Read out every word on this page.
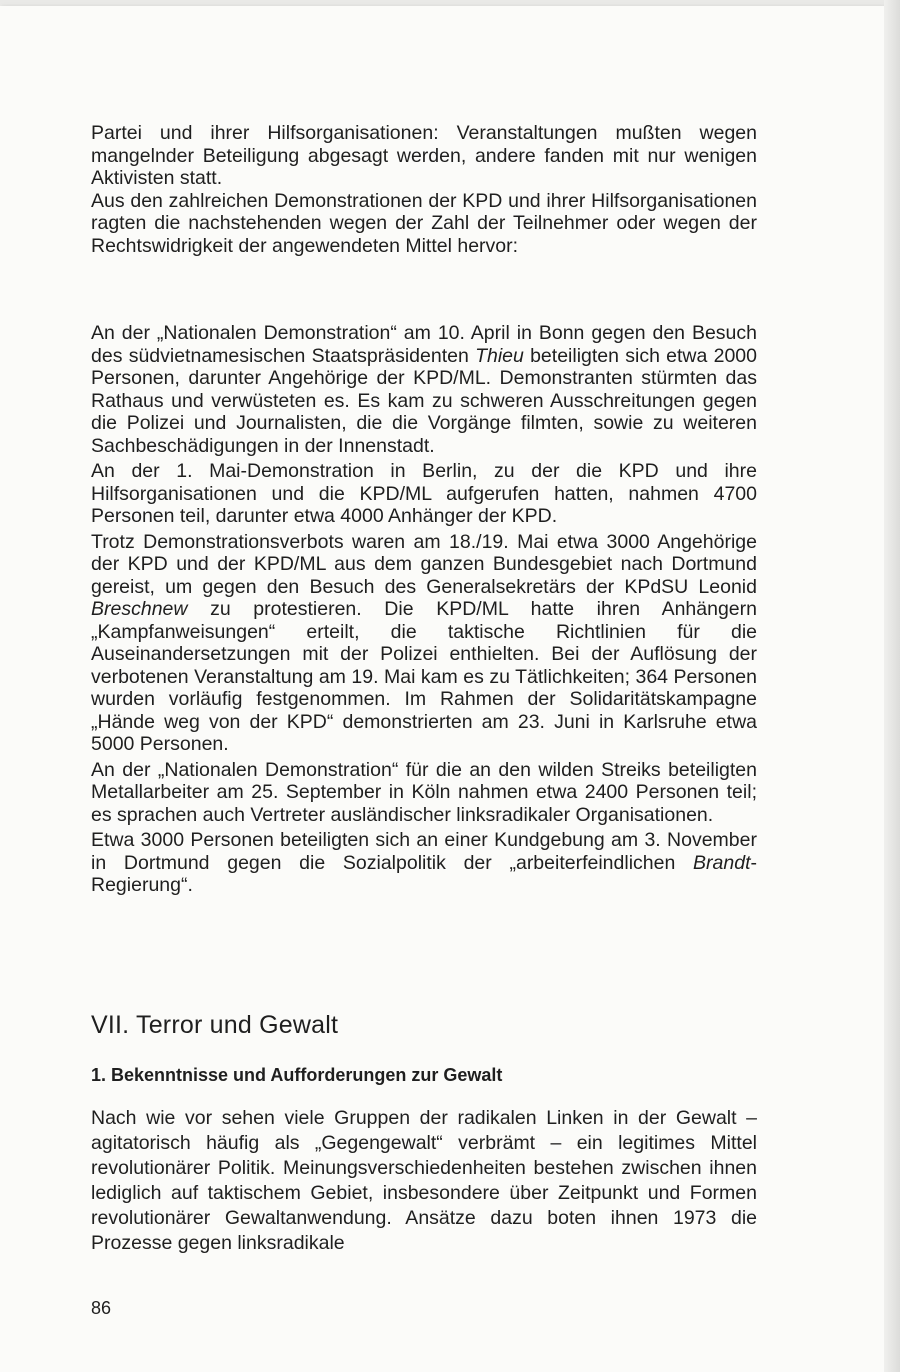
Partei und ihrer Hilfsorganisationen: Veranstaltungen mußten wegen mangelnder Beteiligung abgesagt werden, andere fanden mit nur wenigen Aktivisten statt.

Aus den zahlreichen Demonstrationen der KPD und ihrer Hilfsorganisationen ragten die nachstehenden wegen der Zahl der Teilnehmer oder wegen der Rechtswidrigkeit der angewendeten Mittel hervor:

An der „Nationalen Demonstration“ am 10. April in Bonn gegen den Besuch des südvietnamesischen Staatspräsidenten Thieu beteiligten sich etwa 2000 Personen, darunter Angehörige der KPD/ML. Demonstranten stürmten das Rathaus und verwüsteten es. Es kam zu schweren Ausschreitungen gegen die Polizei und Journalisten, die die Vorgänge filmten, sowie zu weiteren Sachbeschädigungen in der Innenstadt.

An der 1. Mai-Demonstration in Berlin, zu der die KPD und ihre Hilfsorganisationen und die KPD/ML aufgerufen hatten, nahmen 4700 Personen teil, darunter etwa 4000 Anhänger der KPD.

Trotz Demonstrationsverbots waren am 18./19. Mai etwa 3000 Angehörige der KPD und der KPD/ML aus dem ganzen Bundesgebiet nach Dortmund gereist, um gegen den Besuch des Generalsekretärs der KPdSU Leonid Breschnew zu protestieren. Die KPD/ML hatte ihren Anhängern „Kampfanweisungen“ erteilt, die taktische Richtlinien für die Auseinandersetzungen mit der Polizei enthielten. Bei der Auflösung der verbotenen Veranstaltung am 19. Mai kam es zu Tätlichkeiten; 364 Personen wurden vorläufig festgenommen. Im Rahmen der Solidaritätskampagne „Hände weg von der KPD“ demonstrierten am 23. Juni in Karlsruhe etwa 5000 Personen.

An der „Nationalen Demonstration“ für die an den wilden Streiks beteiligten Metallarbeiter am 25. September in Köln nahmen etwa 2400 Personen teil; es sprachen auch Vertreter ausländischer linksradikaler Organisationen.

Etwa 3000 Personen beteiligten sich an einer Kundgebung am 3. November in Dortmund gegen die Sozialpolitik der „arbeiterfeindlichen Brandt-Regierung“.

VII. Terror und Gewalt
1. Bekenntnisse und Aufforderungen zur Gewalt

Nach wie vor sehen viele Gruppen der radikalen Linken in der Gewalt – agitatorisch häufig als „Gegengewalt“ verbrämt – ein legitimes Mittel revolutionärer Politik. Meinungsverschiedenheiten bestehen zwischen ihnen lediglich auf taktischem Gebiet, insbesondere über Zeitpunkt und Formen revolutionärer Gewaltanwendung. Ansätze dazu boten ihnen 1973 die Prozesse gegen linksradikale

86
